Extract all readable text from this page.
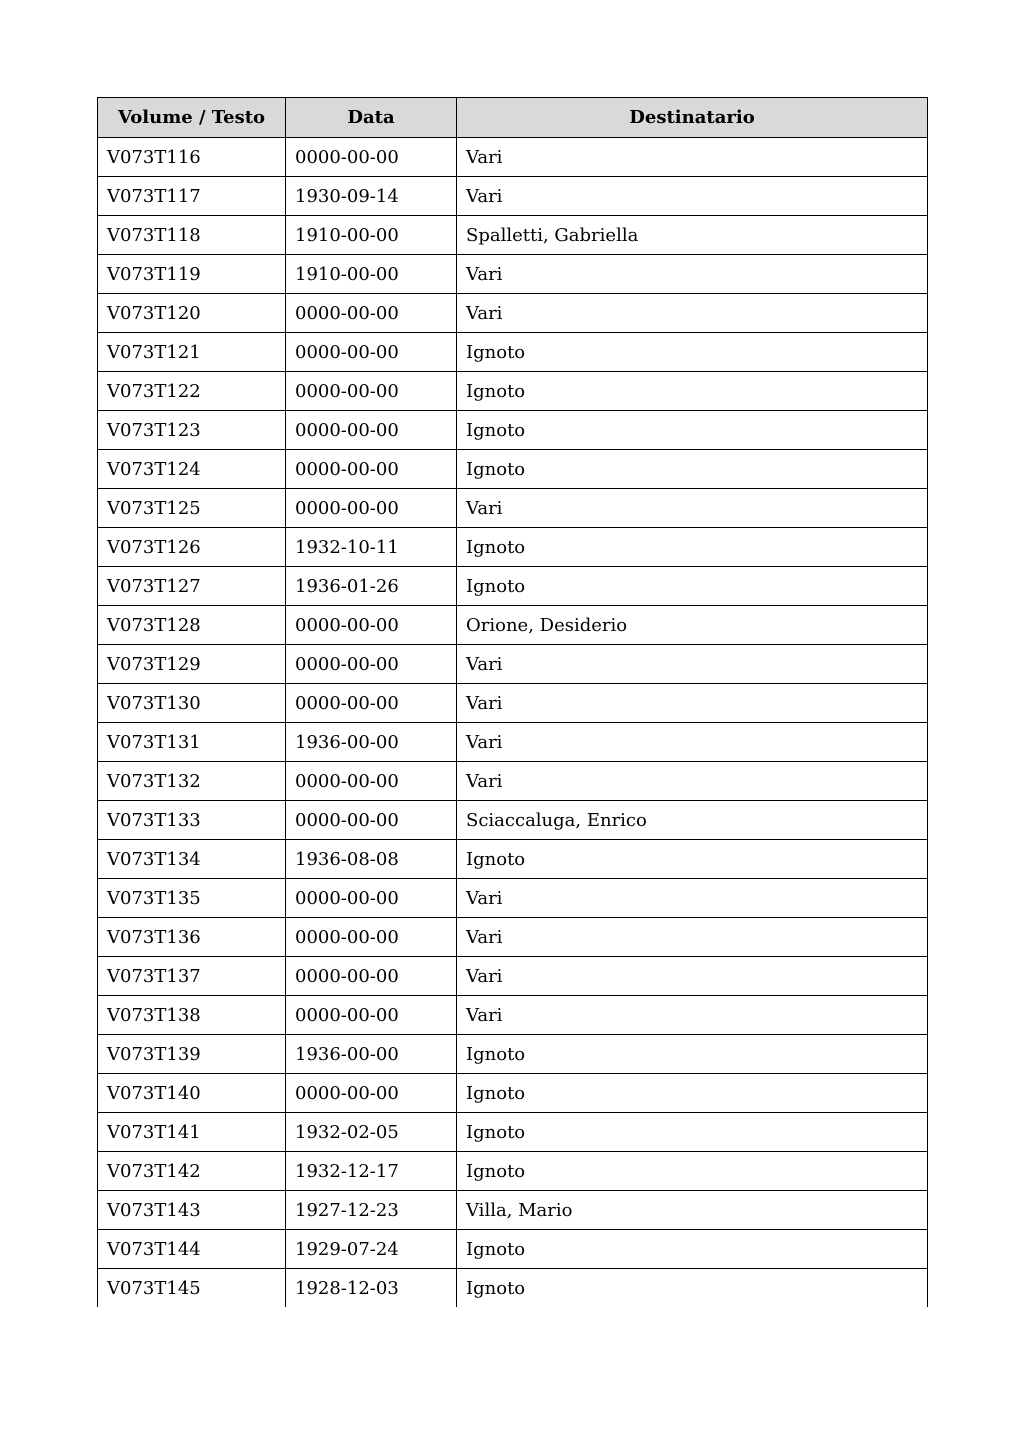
Volume / Testo	Data	Destinatario
V073T116	0000-00-00	Vari
V073T117	1930-09-14	Vari
V073T118	1910-00-00	Spalletti, Gabriella
V073T119	1910-00-00	Vari
V073T120	0000-00-00	Vari
V073T121	0000-00-00	Ignoto
V073T122	0000-00-00	Ignoto
V073T123	0000-00-00	Ignoto
V073T124	0000-00-00	Ignoto
V073T125	0000-00-00	Vari
V073T126	1932-10-11	Ignoto
V073T127	1936-01-26	Ignoto
V073T128	0000-00-00	Orione, Desiderio
V073T129	0000-00-00	Vari
V073T130	0000-00-00	Vari
V073T131	1936-00-00	Vari
V073T132	0000-00-00	Vari
V073T133	0000-00-00	Sciaccaluga, Enrico
V073T134	1936-08-08	Ignoto
V073T135	0000-00-00	Vari
V073T136	0000-00-00	Vari
V073T137	0000-00-00	Vari
V073T138	0000-00-00	Vari
V073T139	1936-00-00	Ignoto
V073T140	0000-00-00	Ignoto
V073T141	1932-02-05	Ignoto
V073T142	1932-12-17	Ignoto
V073T143	1927-12-23	Villa, Mario
V073T144	1929-07-24	Ignoto
V073T145	1928-12-03	Ignoto
